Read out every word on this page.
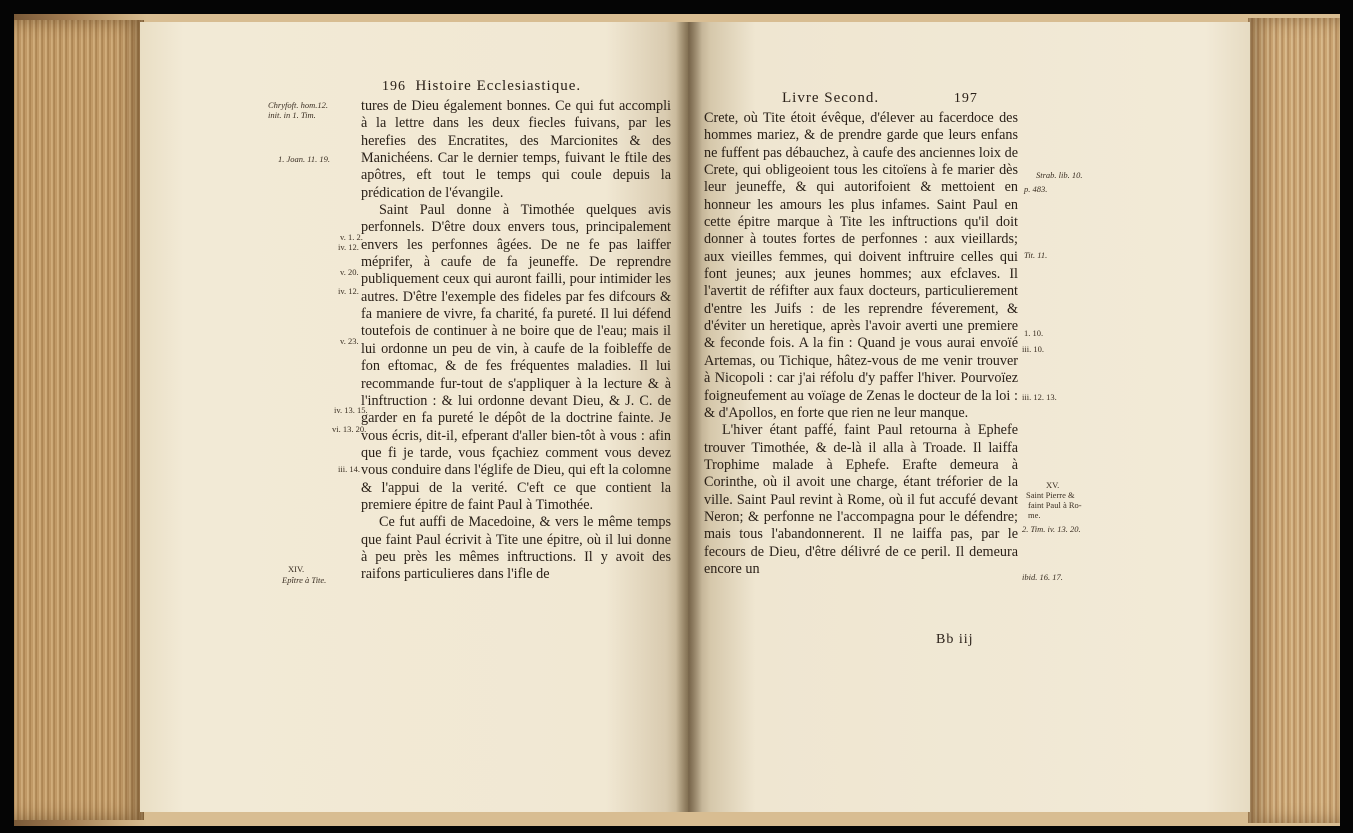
196 Histoire Ecclesiastique.
Chryfoft. hom.12.
init. in 1. Tim.
1. Joan. 11. 19.
v. 1. 2.
iv. 12.
v. 20.
iv. 12.
v. 23.
iv. 13. 15.
vi. 13. 20.
iii. 14.
XIV.
Epître à Tite.

tures de Dieu également bonnes. Ce qui fut accompli à la lettre dans les deux fiecles fuivans, par les herefies des Encratites, des Marcionites & des Manichéens. Car le dernier temps, fuivant le ftile des apôtres, eft tout le temps qui coule depuis la prédication de l'évangile.

Saint Paul donne à Timothée quelques avis perfonnels. D'être doux envers tous, principalement envers les perfonnes âgées. De ne fe pas laiffer méprifer, à caufe de fa jeuneffe. De reprendre publiquement ceux qui auront failli, pour intimider les autres. D'être l'exemple des fideles par fes difcours & fa maniere de vivre, fa charité, fa pureté. Il lui défend toutefois de continuer à ne boire que de l'eau; mais il lui ordonne un peu de vin, à caufe de la foibleffe de fon eftomac, & de fes fréquentes maladies. Il lui recommande fur-tout de s'appliquer à la lecture & à l'inftruction : & lui ordonne devant Dieu, & J. C. de garder en fa pureté le dépôt de la doctrine fainte. Je vous écris, dit-il, efperant d'aller bien-tôt à vous : afin que fi je tarde, vous fçachiez comment vous devez vous conduire dans l'églife de Dieu, qui eft la colomne & l'appui de la verité. C'eft ce que contient la premiere épitre de faint Paul à Timothée.

Ce fut auffi de Macedoine, & vers le même temps que faint Paul écrivit à Tite une épitre, où il lui donne à peu près les mêmes inftructions. Il y avoit des raifons particulieres dans l'ifle de

Livre Second.	197

Crete, où Tite étoit évêque, d'élever au facerdoce des hommes mariez, & de prendre garde que leurs enfans ne fuffent pas débauchez, à caufe des anciennes loix de Crete, qui obligeoient tous les citoïens à fe marier dès leur jeuneffe, & qui autorifoient & mettoient en honneur les amours les plus infames. Saint Paul en cette épitre marque à Tite les inftructions qu'il doit donner à toutes fortes de perfonnes : aux vieillards; aux vieilles femmes, qui doivent inftruire celles qui font jeunes; aux jeunes hommes; aux efclaves. Il l'avertit de réfifter aux faux docteurs, particulierement d'entre les Juifs : de les reprendre féverement, & d'éviter un heretique, après l'avoir averti une premiere & feconde fois. A la fin : Quand je vous aurai envoïé Artemas, ou Tichique, hâtez-vous de me venir trouver à Nicopoli : car j'ai réfolu d'y paffer l'hiver. Pourvoïez foigneufement au voïage de Zenas le docteur de la loi : & d'Apollos, en forte que rien ne leur manque.

L'hiver étant paffé, faint Paul retourna à Ephefe trouver Timothée, & de-là il alla à Troade. Il laiffa Trophime malade à Ephefe. Erafte demeura à Corinthe, où il avoit une charge, étant tréforier de la ville. Saint Paul revint à Rome, où il fut accufé devant Neron; & perfonne ne l'accompagna pour le défendre; mais tous l'abandonnerent. Il ne laiffa pas, par le fecours de Dieu, d'être délivré de ce peril. Il demeura encore un

Bb iij
Strab. lib. 10.
p. 483.
Tit. 11.
1. 10.
iii. 10.
iii. 12. 13.
XV.
Saint Pierre &
faint Paul à Ro-
me.
2. Tim. iv. 13. 20.
ibid. 16. 17.
